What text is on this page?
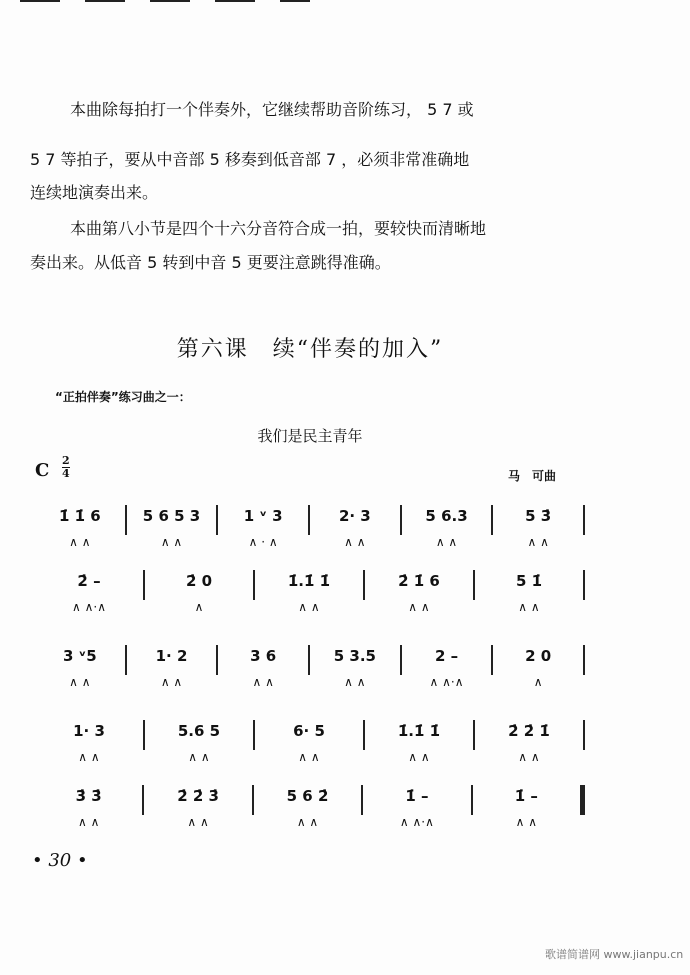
本曲除每拍打一个伴奏外，它继续帮助音阶练习， 5 7 或
5 7 等拍子，要从中音部 5 移奏到低音部 7 ，必须非常准确地
连续地演奏出来。
本曲第八小节是四个十六分音符合成一拍，要较快而清晰地
奏出来。从低音 5 转到中音 5 更要注意跳得准确。
第六课　续“伴奏的加入”
“正拍伴奏”练习曲之一：
我们是民主青年
C 2
4	马　可曲
1̇ 1̇ 6
∧ ∧
5 6 5 3
∧ ∧
1 ᵛ 3
∧ · ∧
2· 3
∧ ∧
5 6.3
∧ ∧
5 3̇
∧ ∧
2̇ –
∧ ∧·∧
2̇ 0
∧
1̇.1̇ 1̇
∧ ∧
2̇ 1̇ 6
∧ ∧
5 1̇
∧ ∧
3 ᵛ5
∧ ∧
1· 2
∧ ∧
3 6
∧ ∧
5 3.5
∧ ∧
2 –
∧ ∧·∧
2 0
∧
1· 3
∧ ∧
5.6 5
∧ ∧
6· 5
∧ ∧
1̇.1̇ 1̇
∧ ∧
2̇ 2̇ 1̇
∧ ∧
3̇ 3̇
∧ ∧
2̇ 2̇ 3̇
∧ ∧
5 6 2̇
∧ ∧
1̇ –
∧ ∧·∧
1̇ –
∧ ∧
• 30 •
歌谱简谱网 www.jianpu.cn
